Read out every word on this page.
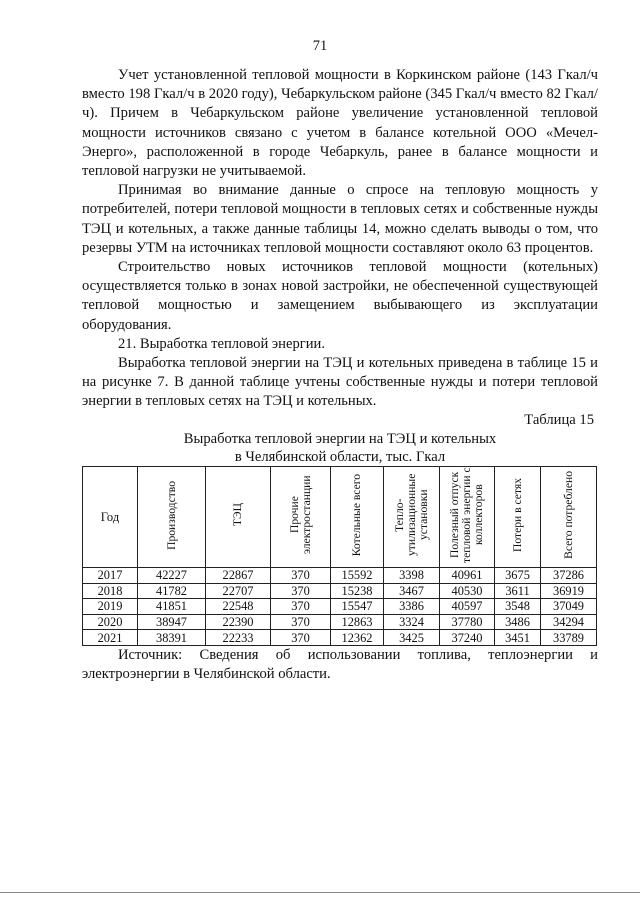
71

Учет установленной тепловой мощности в Коркинском районе (143 Гкал/ч вместо 198 Гкал/ч в 2020 году), Чебаркульском районе (345 Гкал/ч вместо 82 Гкал/ч). Причем в Чебаркульском районе увеличение установленной тепловой мощности источников связано с учетом в балансе котельной ООО «Мечел-Энерго», расположенной в городе Чебаркуль, ранее в балансе мощности и тепловой нагрузки не учитываемой.

Принимая во внимание данные о спросе на тепловую мощность у потребителей, потери тепловой мощности в тепловых сетях и собственные нужды ТЭЦ и котельных, а также данные таблицы 14, можно сделать выводы о том, что резервы УТМ на источниках тепловой мощности составляют около 63 процентов.

Строительство новых источников тепловой мощности (котельных) осуществляется только в зонах новой застройки, не обеспеченной существующей тепловой мощностью и замещением выбывающего из эксплуатации оборудования.

21. Выработка тепловой энергии.

Выработка тепловой энергии на ТЭЦ и котельных приведена в таблице 15 и на рисунке 7. В данной таблице учтены собственные нужды и потери тепловой энергии в тепловых сетях на ТЭЦ и котельных.

Таблица 15
Выработка тепловой энергии на ТЭЦ и котельных
в Челябинской области, тыс. Гкал
Год	Производство	ТЭЦ	Прочие электростанции	Котельные всего	Тепло-утилизационные установки	Полезный отпуск тепловой энергии с коллекторов	Потери в сетях	Всего потреблено
2017	42227	22867	370	15592	3398	40961	3675	37286
2018	41782	22707	370	15238	3467	40530	3611	36919
2019	41851	22548	370	15547	3386	40597	3548	37049
2020	38947	22390	370	12863	3324	37780	3486	34294
2021	38391	22233	370	12362	3425	37240	3451	33789

Источник: Сведения об использовании топлива, теплоэнергии и электроэнергии в Челябинской области.
